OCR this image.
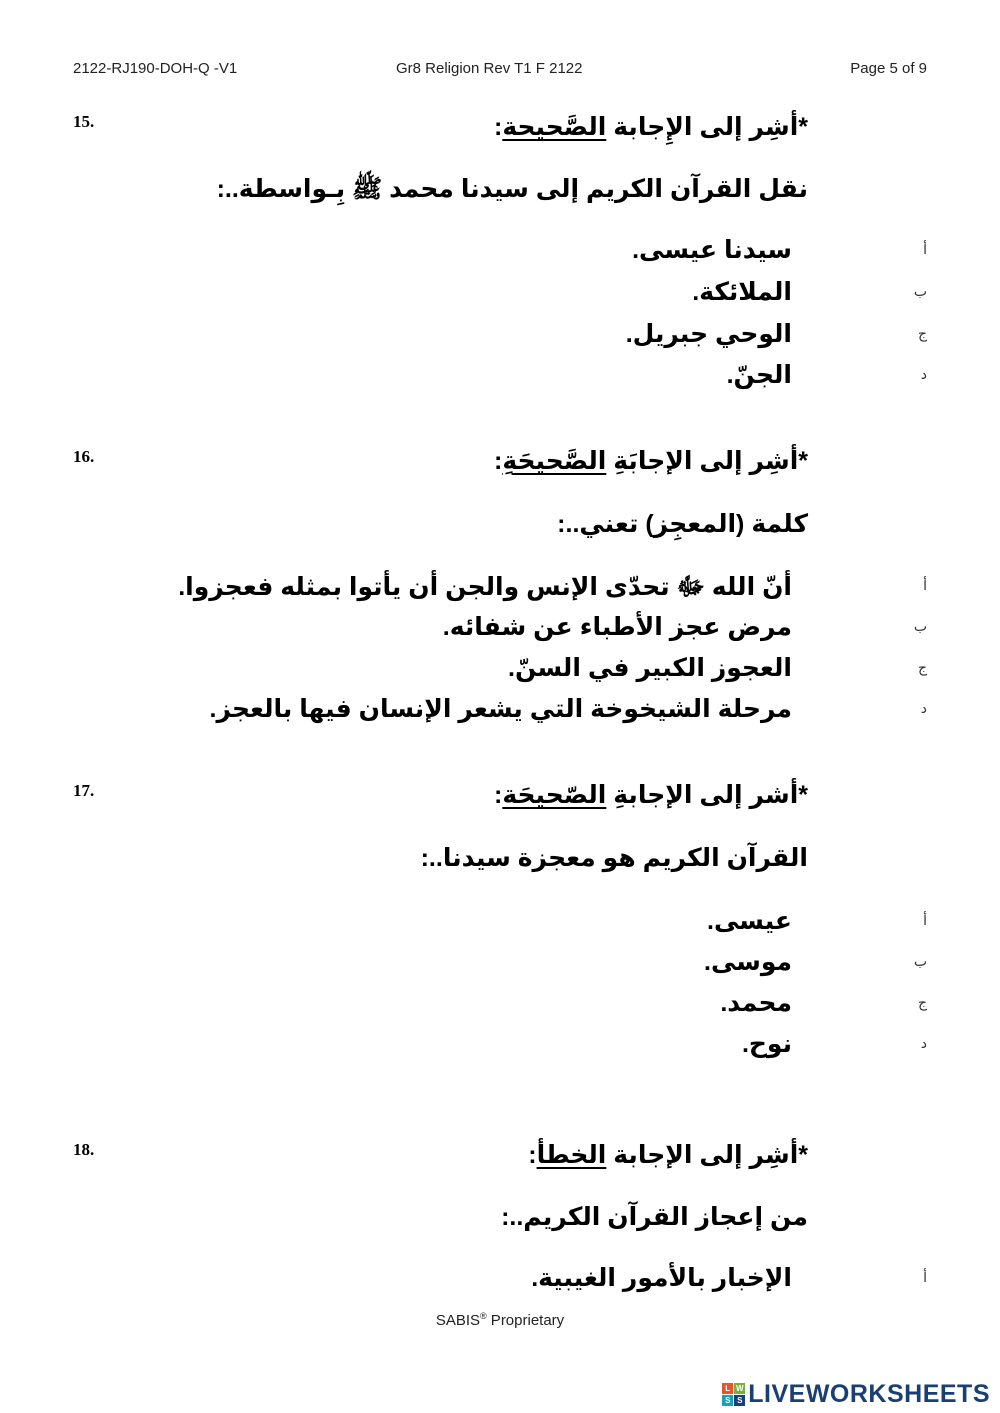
2122-RJ190-DOH-Q -V1	Gr8 Religion Rev T1 F 2122	Page 5 of 9
15.	*أشِر إلى الإِجابة الصَّحيحة:
نقل القرآن الكريم إلى سيدنا محمد ﷺ بِـواسطة..:
أ
سيدنا عيسى.
ب
الملائكة.
ج
الوحي جبريل.
د
الجنّ.
16.	*أشِر إلى الإجابَةِ الصَّحيحَةِ:
كلمة (المعجِز) تعني..:
أ
أنّ الله ﷻ تحدّى الإنس والجن أن يأتوا بمثله فعجزوا.
ب
مرض عجز الأطباء عن شفائه.
ج
العجوز الكبير في السنّ.
د
مرحلة الشيخوخة التي يشعر الإنسان فيها بالعجز.
17.	*أشر إلى الإجابةِ الصّحيحَة:
القرآن الكريم هو معجزة سيدنا..:
أ
عيسى.
ب
موسى.
ج
محمد.
د
نوح.
18.	*أشِر إلى الإجابة الخطأ:
من إعجاز القرآن الكريم..:
أ
الإخبار بالأمور الغيبية.
SABIS® Proprietary
L W
S S LIVEWORKSHEETS
